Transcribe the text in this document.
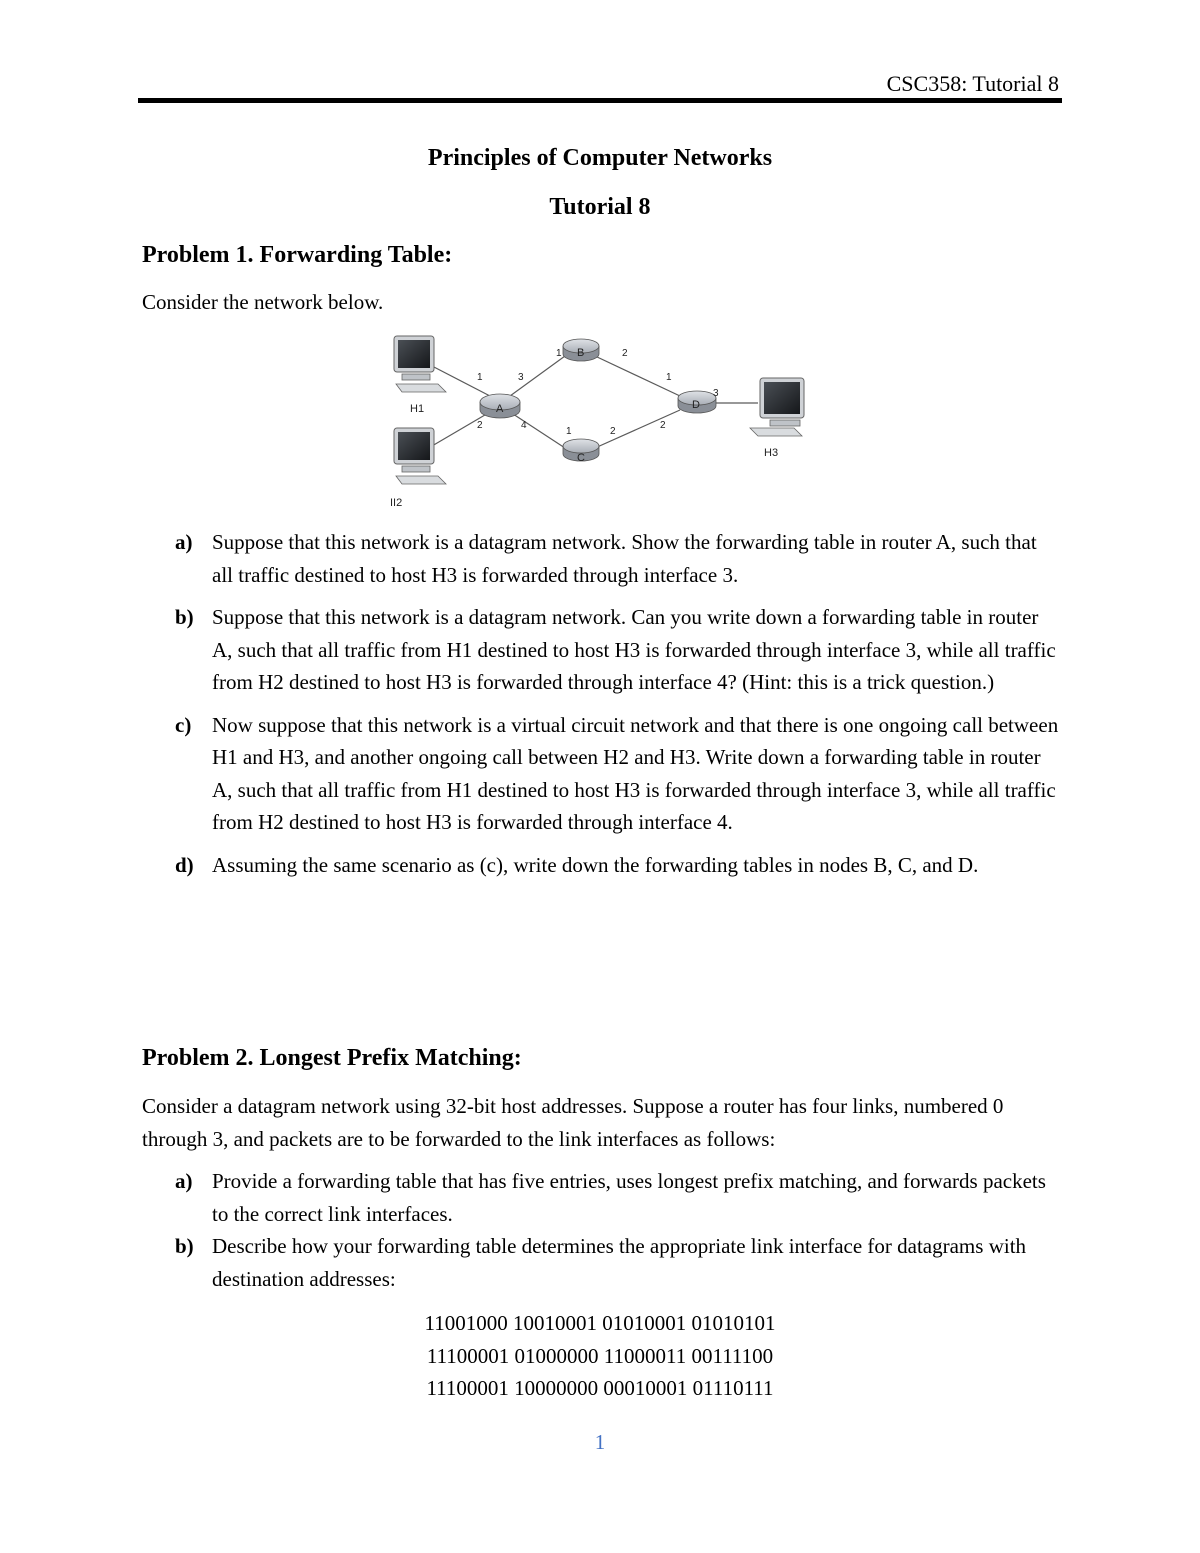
CSC358: Tutorial 8
Principles of Computer Networks
Tutorial 8
Problem 1. Forwarding Table:
Consider the network below.
H1
II2
H3
A
B
C
D
1
2
3
4
1	2
1	2
1
2
3
a) Suppose that this network is a datagram network. Show the forwarding table in router A, such that all traffic destined to host H3 is forwarded through interface 3.
b) Suppose that this network is a datagram network. Can you write down a forwarding table in router A, such that all traffic from H1 destined to host H3 is forwarded through interface 3, while all traffic from H2 destined to host H3 is forwarded through interface 4? (Hint: this is a trick question.)
c) Now suppose that this network is a virtual circuit network and that there is one ongoing call between H1 and H3, and another ongoing call between H2 and H3. Write down a forwarding table in router A, such that all traffic from H1 destined to host H3 is forwarded through interface 3, while all traffic from H2 destined to host H3 is forwarded through interface 4.
d) Assuming the same scenario as (c), write down the forwarding tables in nodes B, C, and D.
Problem 2. Longest Prefix Matching:
Consider a datagram network using 32-bit host addresses. Suppose a router has four links, numbered 0 through 3, and packets are to be forwarded to the link interfaces as follows:
a) Provide a forwarding table that has five entries, uses longest prefix matching, and forwards packets to the correct link interfaces.
b) Describe how your forwarding table determines the appropriate link interface for datagrams with destination addresses:
11001000 10010001 01010001 01010101
11100001 01000000 11000011 00111100
11100001 10000000 00010001 01110111
1
